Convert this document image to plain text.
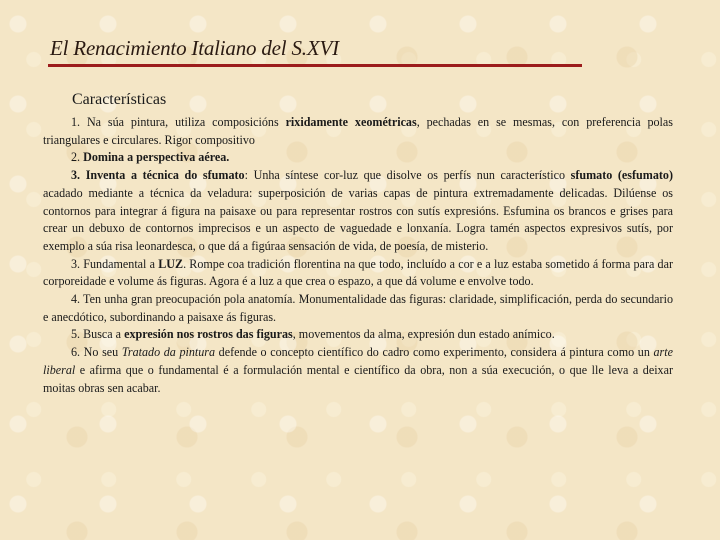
El Renacimiento Italiano del S.XVI
Características

1. Na súa pintura, utiliza composicións rixidamente xeométricas, pechadas en se mesmas, con preferencia polas triangulares e circulares. Rigor compositivo

2. Domina a perspectiva aérea.

3. Inventa a técnica do sfumato: Unha síntese cor-luz que disolve os perfís nun característico sfumato (esfumato) acadado mediante a técnica da veladura: superposición de varias capas de pintura extremadamente delicadas. Dilúense os contornos para integrar á figura na paisaxe ou para representar rostros con sutís expresións. Esfumina os brancos e grises para crear un debuxo de contornos imprecisos e un aspecto de vaguedade e lonxanía. Logra tamén aspectos expresivos sutís, por exemplo a súa risa leonardesca, o que dá a figúraa sensación de vida, de poesía, de misterio.

3. Fundamental a LUZ. Rompe coa tradición florentina na que todo, incluído a cor e a luz estaba sometido á forma para dar corporeidade e volume ás figuras. Agora é a luz a que crea o espazo, a que dá volume e envolve todo.

4. Ten unha gran preocupación pola anatomía. Monumentalidade das figuras: claridade, simplificación, perda do secundario e anecdótico, subordinando a paisaxe ás figuras.

5. Busca a expresión nos rostros das figuras, movementos da alma, expresión dun estado anímico.

6. No seu Tratado da pintura defende o concepto científico do cadro como experimento, considera á pintura como un arte liberal e afirma que o fundamental é a formulación mental e científico da obra, non a súa execución, o que lle leva a deixar moitas obras sen acabar.
